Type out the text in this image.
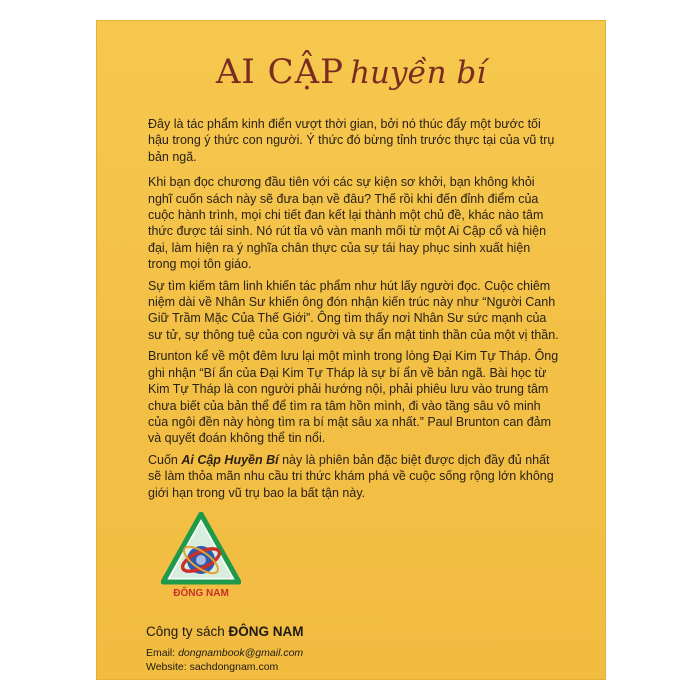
AI CẬP huyền bí

Đây là tác phẩm kinh điển vượt thời gian, bởi nó thúc đẩy một bước tối hậu trong ý thức con người. Ý thức đó bừng tỉnh trước thực tại của vũ trụ bản ngã.

Khi bạn đọc chương đầu tiên với các sự kiện sơ khởi, bạn không khỏi nghĩ cuốn sách này sẽ đưa bạn về đâu? Thế rồi khi đến đỉnh điểm của cuộc hành trình, mọi chi tiết đan kết lại thành một chủ đề, khác nào tâm thức được tái sinh. Nó rút tỉa vô vàn manh mối từ một Ai Cập cổ và hiện đại, làm hiện ra ý nghĩa chân thực của sự tái hay phục sinh xuất hiện trong mọi tôn giáo.

Sự tìm kiếm tâm linh khiến tác phẩm như hút lấy người đọc. Cuộc chiêm niệm dài về Nhân Sư khiến ông đón nhận kiến trúc này như “Người Canh Giữ Trầm Mặc Của Thế Giới”. Ông tìm thấy nơi Nhân Sư sức mạnh của sư tử, sự thông tuệ của con người và sự ẩn mật tinh thần của một vị thần.

Brunton kể về một đêm lưu lại một mình trong lòng Đại Kim Tự Tháp. Ông ghi nhận “Bí ẩn của Đại Kim Tự Tháp là sự bí ẩn về bản ngã. Bài học từ Kim Tự Tháp là con người phải hướng nội, phải phiêu lưu vào trung tâm chưa biết của bản thể để tìm ra tâm hồn mình, đi vào tầng sâu vô minh của ngôi đền này hòng tìm ra bí mật sâu xa nhất.” Paul Brunton can đảm và quyết đoán không thể tin nổi.

Cuốn Ai Cập Huyền Bí này là phiên bản đặc biệt được dịch đầy đủ nhất sẽ làm thỏa mãn nhu cầu tri thức khám phá về cuộc sống rộng lớn không giới hạn trong vũ trụ bao la bất tận này.

ĐÔNG NAM
Công ty sách ĐÔNG NAM
Email: dongnambook@gmail.com
Website: sachdongnam.com
